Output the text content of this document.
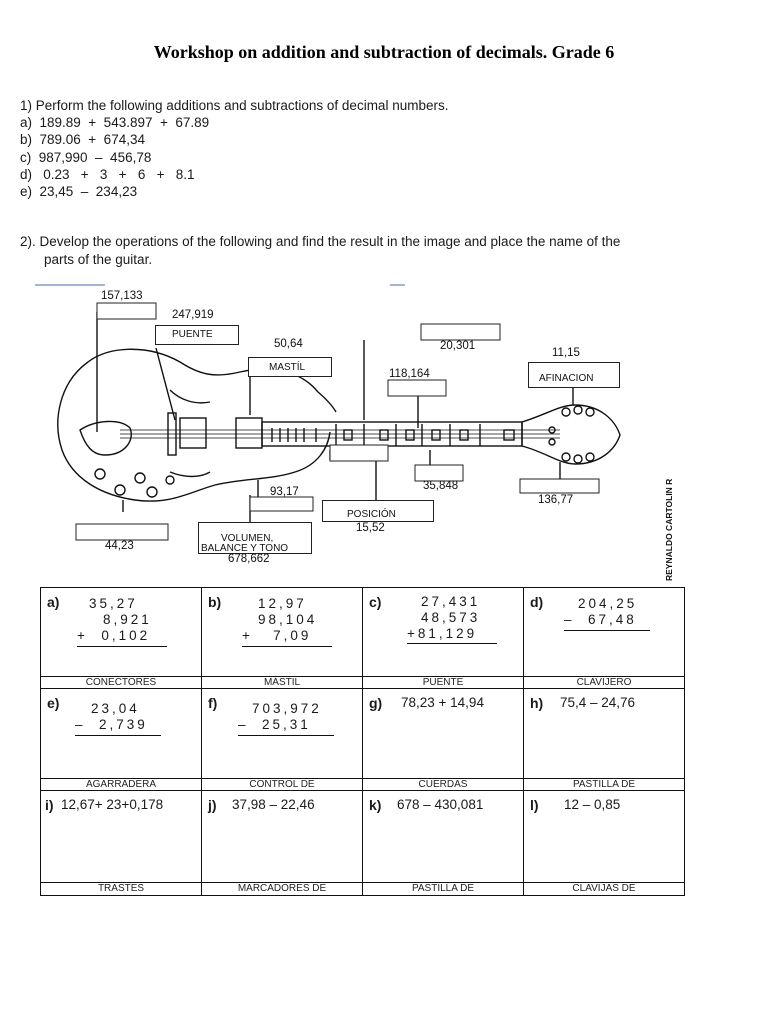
Workshop on addition and subtraction of decimals. Grade 6
1) Perform the following additions and subtractions of decimal numbers.
a)  189.89  +  543.897  +  67.89
b)  789.06  +  674,34
c)  987,990  –  456,78
d)   0.23   +   3   +   6   +   8.1
e)  23,45  –  234,23
2). Develop the operations of the following and find the result in the image and place the name of the
parts of the guitar.
157,133
247,919
PUENTE
50,64
MASTÍL
20,301
118,164
11,15
AFINACION
93,17	35,848
136,77
POSICIÓN
15,52
44,23
VOLUMEN,
BALANCE Y TONO
678,662	REYNALDO CARTOLIN R.
a) 35,27
8,921
+  0,102
CONECTORES
b)	12,97
98,104
+   7,09
MÁSTIL
c)	27,431
48,573
+81,129
PUENTE
d)	204,25
–  67,48
CLAVIJERO
e) 23,04
–  2,739
AGARRADERA
f)	703,972
–  25,31
CONTROL DE
g) 78,23 + 14,94
CUERDAS
h) 75,4 – 24,76
PASTILLA DE
i) 12,67+ 23+0,178
TRASTES
j) 37,98 – 22,46
MARCADORES DE
k) 678 – 430,081
PASTILLA DE
l) 12 – 0,85
CLAVIJAS DE
